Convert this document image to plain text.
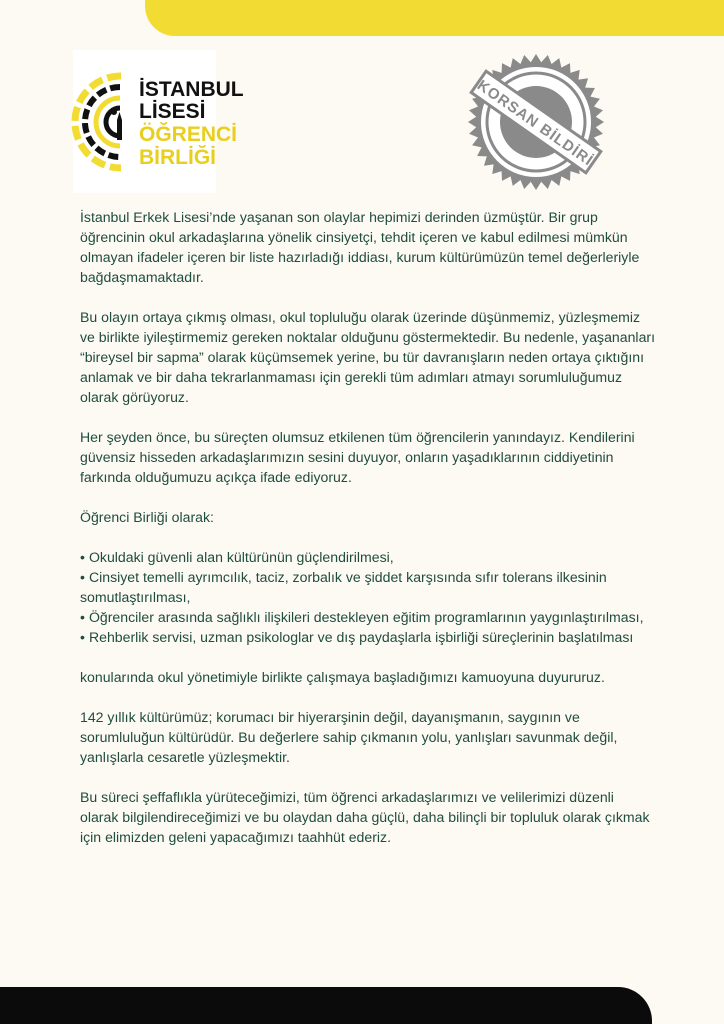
İSTANBUL
LİSESİ
ÖĞRENCİ
BİRLİĞİ	KORSAN BİLDİRİ

İstanbul Erkek Lisesi’nde yaşanan son olaylar hepimizi derinden üzmüştür. Bir grup öğrencinin okul arkadaşlarına yönelik cinsiyetçi, tehdit içeren ve kabul edilmesi mümkün olmayan ifadeler içeren bir liste hazırladığı iddiası, kurum kültürümüzün temel değerleriyle bağdaşmamaktadır.

Bu olayın ortaya çıkmış olması, okul topluluğu olarak üzerinde düşünmemiz, yüzleşmemiz ve birlikte iyileştirmemiz gereken noktalar olduğunu göstermektedir. Bu nedenle, yaşananları “bireysel bir sapma” olarak küçümsemek yerine, bu tür davranışların neden ortaya çıktığını anlamak ve bir daha tekrarlanmaması için gerekli tüm adımları atmayı sorumluluğumuz olarak görüyoruz.

Her şeyden önce, bu süreçten olumsuz etkilenen tüm öğrencilerin yanındayız. Kendilerini güvensiz hisseden arkadaşlarımızın sesini duyuyor, onların yaşadıklarının ciddiyetinin farkında olduğumuzu açıkça ifade ediyoruz.

Öğrenci Birliği olarak:

• Okuldaki güvenli alan kültürünün güçlendirilmesi,
• Cinsiyet temelli ayrımcılık, taciz, zorbalık ve şiddet karşısında sıfır tolerans ilkesinin somutlaştırılması,
• Öğrenciler arasında sağlıklı ilişkileri destekleyen eğitim programlarının yaygınlaştırılması,
• Rehberlik servisi, uzman psikologlar ve dış paydaşlarla işbirliği süreçlerinin başlatılması

konularında okul yönetimiyle birlikte çalışmaya başladığımızı kamuoyuna duyururuz.

142 yıllık kültürümüz; korumacı bir hiyerarşinin değil, dayanışmanın, saygının ve sorumluluğun kültürüdür. Bu değerlere sahip çıkmanın yolu, yanlışları savunmak değil, yanlışlarla cesaretle yüzleşmektir.

Bu süreci şeffaflıkla yürüteceğimizi, tüm öğrenci arkadaşlarımızı ve velilerimizi düzenli olarak bilgilendireceğimizi ve bu olaydan daha güçlü, daha bilinçli bir topluluk olarak çıkmak için elimizden geleni yapacağımızı taahhüt ederiz.
